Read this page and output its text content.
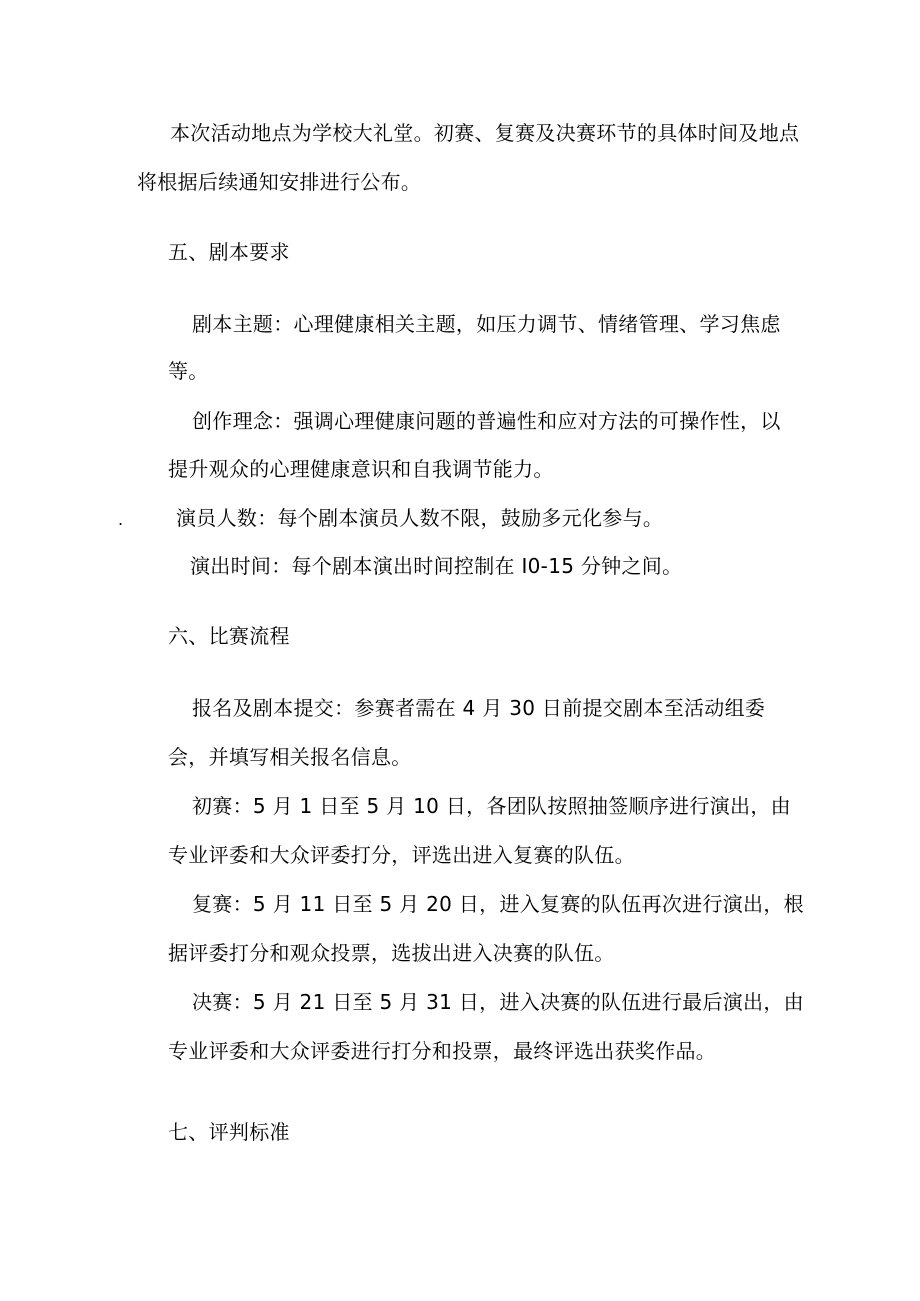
本次活动地点为学校大礼堂。初赛、复赛及决赛环节的具体时间及地点
将根据后续通知安排进行公布。
五、剧本要求
剧本主题：心理健康相关主题，如压力调节、情绪管理、学习焦虑
等。
创作理念：强调心理健康问题的普遍性和应对方法的可操作性，以
提升观众的心理健康意识和自我调节能力。
.	演员人数：每个剧本演员人数不限，鼓励多元化参与。
演出时间：每个剧本演出时间控制在 I0-15 分钟之间。
六、比赛流程
报名及剧本提交：参赛者需在 4 月 30 日前提交剧本至活动组委
会，并填写相关报名信息。
初赛：5 月 1 日至 5 月 10 日，各团队按照抽签顺序进行演出，由
专业评委和大众评委打分，评选出进入复赛的队伍。
复赛：5 月 11 日至 5 月 20 日，进入复赛的队伍再次进行演出，根
据评委打分和观众投票，选拔出进入决赛的队伍。
决赛：5 月 21 日至 5 月 31 日，进入决赛的队伍进行最后演出，由
专业评委和大众评委进行打分和投票，最终评选出获奖作品。
七、评判标准
